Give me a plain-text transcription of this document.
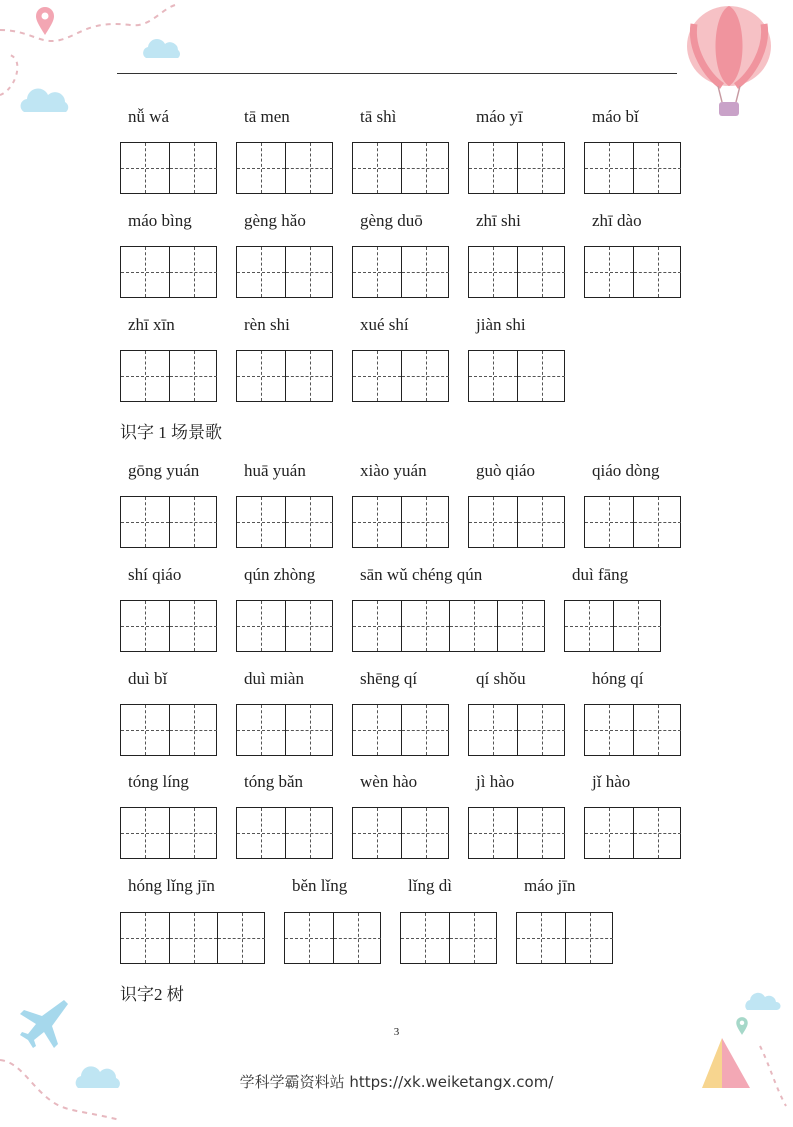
nǚ wá	tā men	tā shì	máo yī	máo bǐ
máo bìng	gèng hǎo	gèng duō	zhī shi	zhī dào
zhī xīn	rèn shi	xué shí	jiàn shi
识字 1 场景歌
gōng yuán	huā yuán	xiào yuán	guò qiáo	qiáo dòng
shí qiáo	qún zhòng	sān wǔ chéng qún	duì fāng
duì bǐ	duì miàn	shēng qí	qí shǒu	hóng qí
tóng líng	tóng bǎn	wèn hào	jì hào	jǐ hào
hóng lǐng jīn	běn lǐng	lǐng dì	máo jīn
识字2 树
3
学科学霸资料站 https://xk.weiketangx.com/
